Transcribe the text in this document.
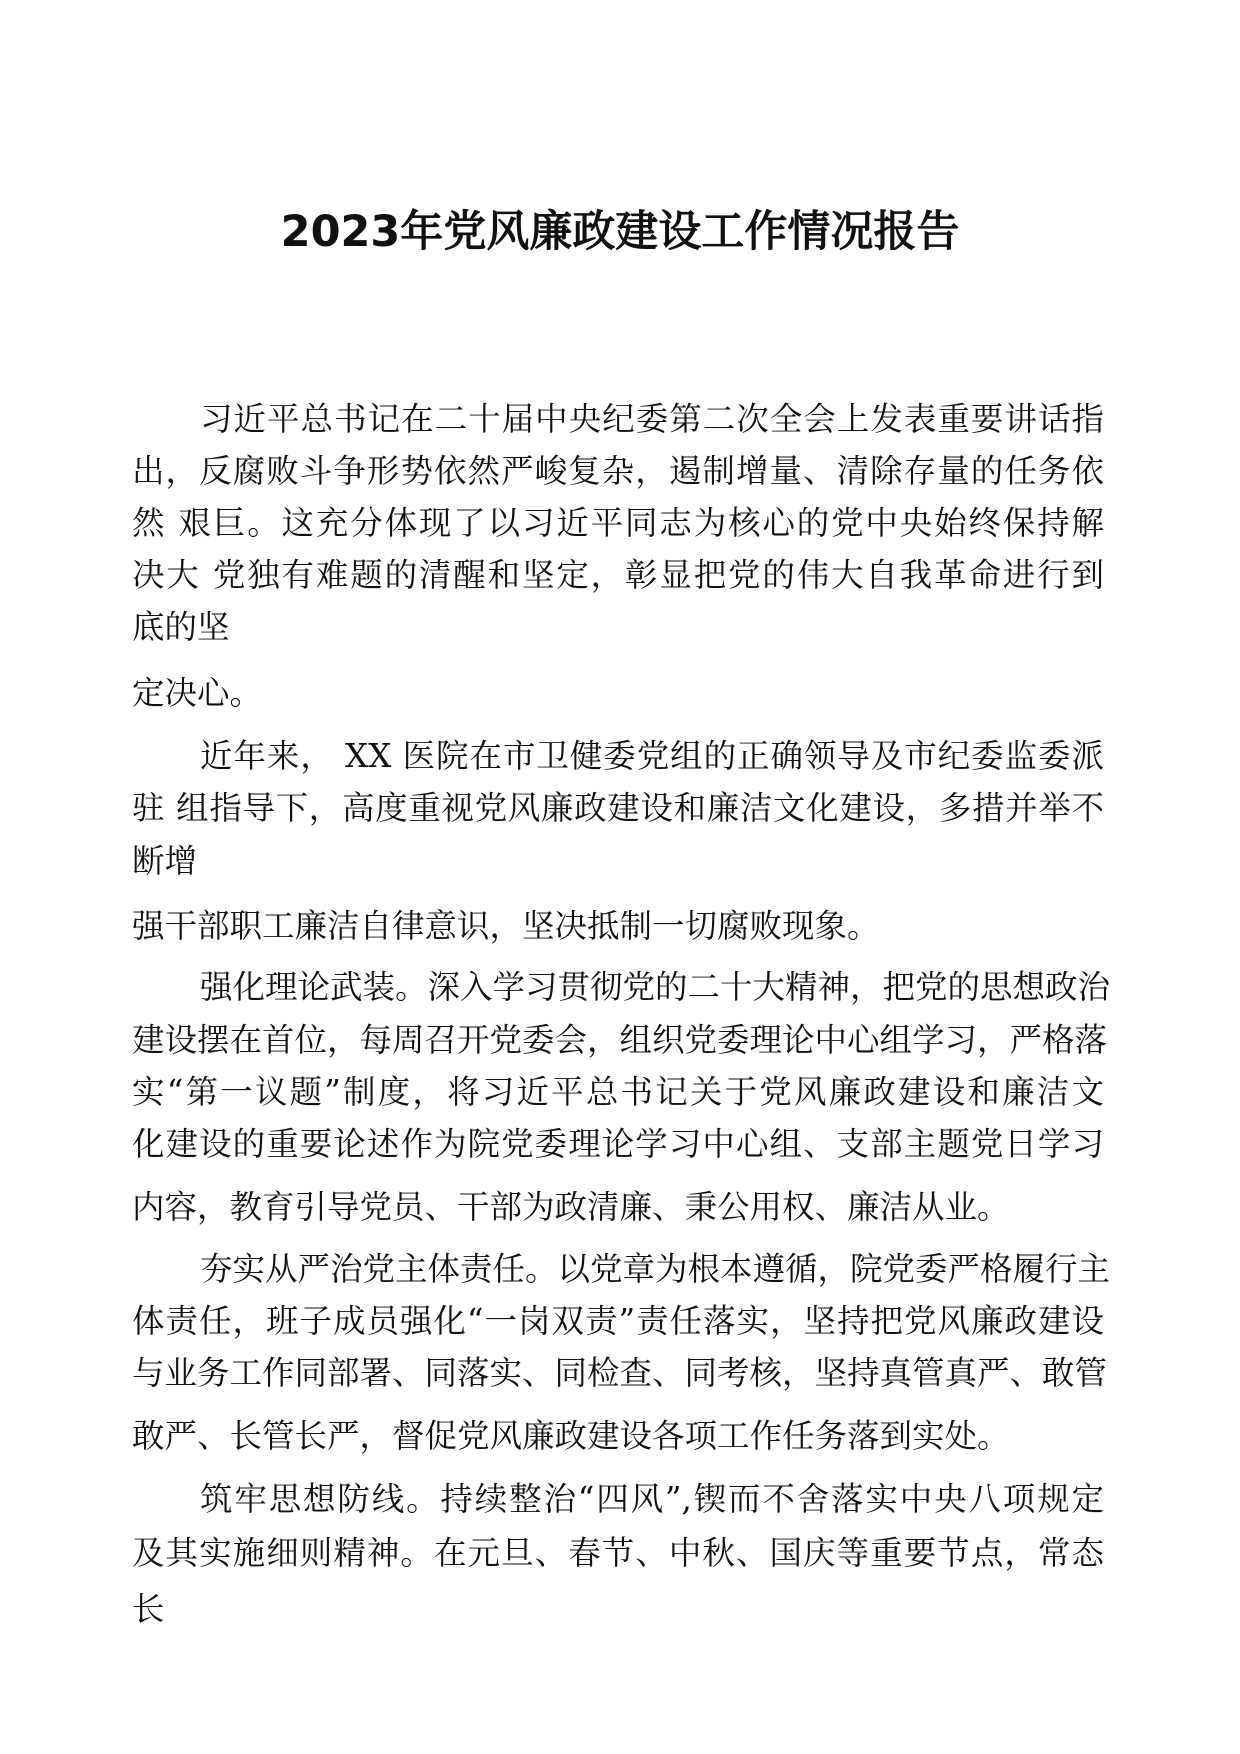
2023年党风廉政建设工作情况报告

习近平总书记在二十届中央纪委第二次全会上发表重要讲话指

出，反腐败斗争形势依然严峻复杂，遏制增量、清除存量的任务依

然 艰巨。这充分体现了以习近平同志为核心的党中央始终保持解

决大 党独有难题的清醒和坚定，彰显把党的伟大自我革命进行到

底的坚

定决心。

近年来， XX 医院在市卫健委党组的正确领导及市纪委监委派

驻 组指导下，高度重视党风廉政建设和廉洁文化建设，多措并举不

断增

强干部职工廉洁自律意识，坚决抵制一切腐败现象。

强化理论武装。深入学习贯彻党的二十大精神，把党的思想政治

建设摆在首位，每周召开党委会，组织党委理论中心组学习，严格落

实“第一议题”制度，将习近平总书记关于党风廉政建设和廉洁文

化建设的重要论述作为院党委理论学习中心组、支部主题党日学习

内容，教育引导党员、干部为政清廉、秉公用权、廉洁从业。

夯实从严治党主体责任。以党章为根本遵循，院党委严格履行主

体责任，班子成员强化“一岗双责”责任落实，坚持把党风廉政建设

与业务工作同部署、同落实、同检查、同考核，坚持真管真严、敢管

敢严、长管长严，督促党风廉政建设各项工作任务落到实处。

筑牢思想防线。持续整治“四风”,锲而不舍落实中央八项规定

及其实施细则精神。在元旦、春节、中秋、国庆等重要节点，常态

长
